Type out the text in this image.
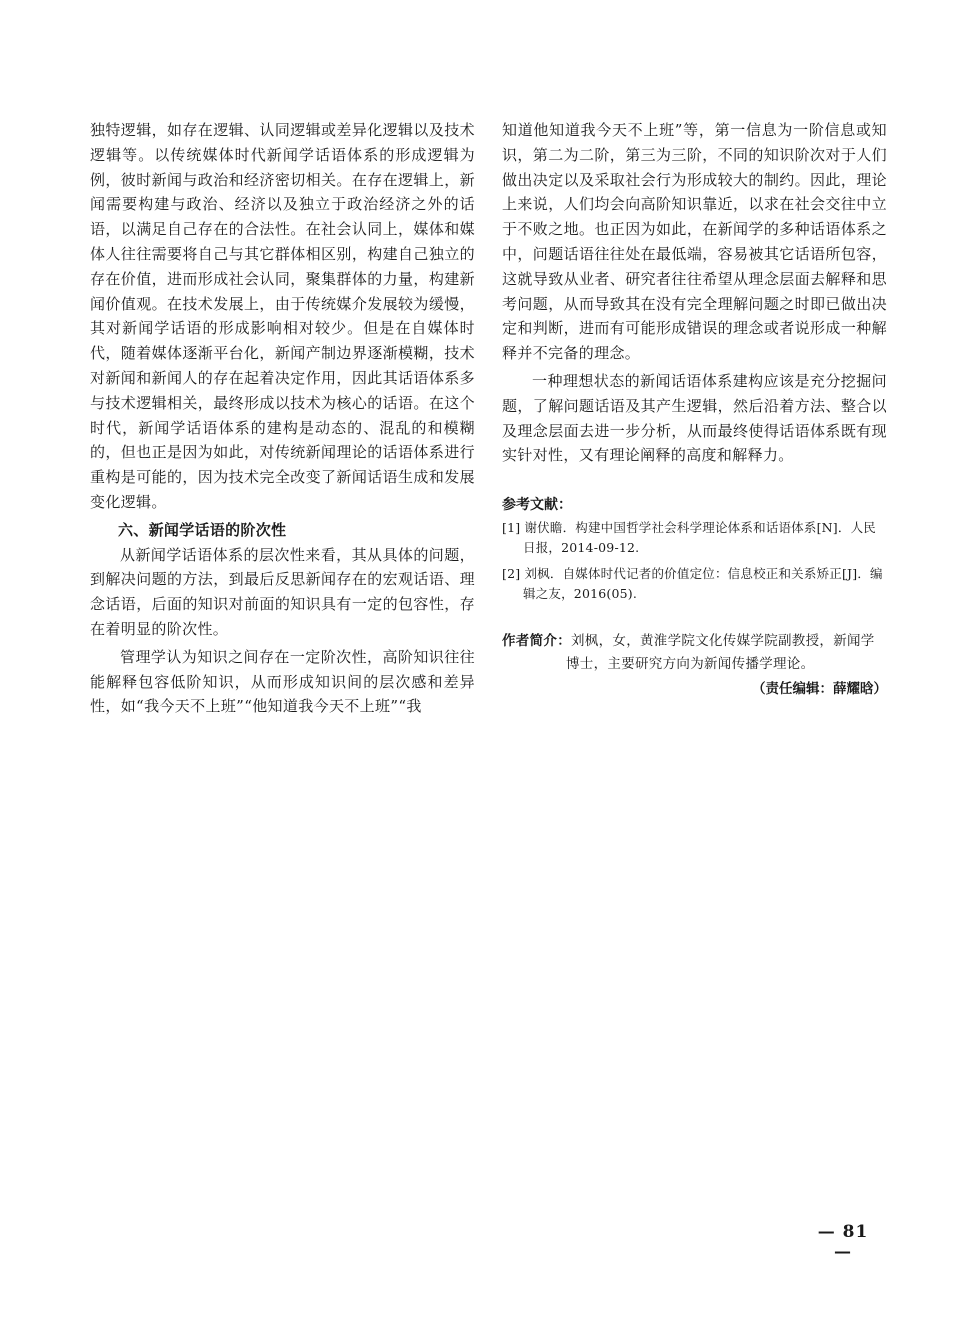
独特逻辑，如存在逻辑、认同逻辑或差异化逻辑以及技术逻辑等。以传统媒体时代新闻学话语体系的形成逻辑为例，彼时新闻与政治和经济密切相关。在存在逻辑上，新闻需要构建与政治、经济以及独立于政治经济之外的话语，以满足自己存在的合法性。在社会认同上，媒体和媒体人往往需要将自己与其它群体相区别，构建自己独立的存在价值，进而形成社会认同，聚集群体的力量，构建新闻价值观。在技术发展上，由于传统媒介发展较为缓慢，其对新闻学话语的形成影响相对较少。但是在自媒体时代，随着媒体逐渐平台化，新闻产制边界逐渐模糊，技术对新闻和新闻人的存在起着决定作用，因此其话语体系多与技术逻辑相关，最终形成以技术为核心的话语。在这个时代，新闻学话语体系的建构是动态的、混乱的和模糊的，但也正是因为如此，对传统新闻理论的话语体系进行重构是可能的，因为技术完全改变了新闻话语生成和发展变化逻辑。

六、新闻学话语的阶次性

从新闻学话语体系的层次性来看，其从具体的问题，到解决问题的方法，到最后反思新闻存在的宏观话语、理念话语，后面的知识对前面的知识具有一定的包容性，存在着明显的阶次性。

管理学认为知识之间存在一定阶次性，高阶知识往往能解释包容低阶知识，从而形成知识间的层次感和差异性，如“我今天不上班”“他知道我今天不上班”“我

知道他知道我今天不上班”等，第一信息为一阶信息或知识，第二为二阶，第三为三阶，不同的知识阶次对于人们做出决定以及采取社会行为形成较大的制约。因此，理论上来说，人们均会向高阶知识靠近，以求在社会交往中立于不败之地。也正因为如此，在新闻学的多种话语体系之中，问题话语往往处在最低端，容易被其它话语所包容，这就导致从业者、研究者往往希望从理念层面去解释和思考问题，从而导致其在没有完全理解问题之时即已做出决定和判断，进而有可能形成错误的理念或者说形成一种解释并不完备的理念。

一种理想状态的新闻话语体系建构应该是充分挖掘问题，了解问题话语及其产生逻辑，然后沿着方法、整合以及理念层面去进一步分析，从而最终使得话语体系既有现实针对性，又有理论阐释的高度和解释力。

参考文献：

[1] 谢伏瞻．构建中国哲学社会科学理论体系和话语体系[N]．人民日报，2014-09-12.

[2] 刘枫．自媒体时代记者的价值定位：信息校正和关系矫正[J]．编辑之友，2016(05).

作者简介：刘枫，女，黄淮学院文化传媒学院副教授，新闻学博士，主要研究方向为新闻传播学理论。

（责任编辑：薛耀晗）

— 81 —
